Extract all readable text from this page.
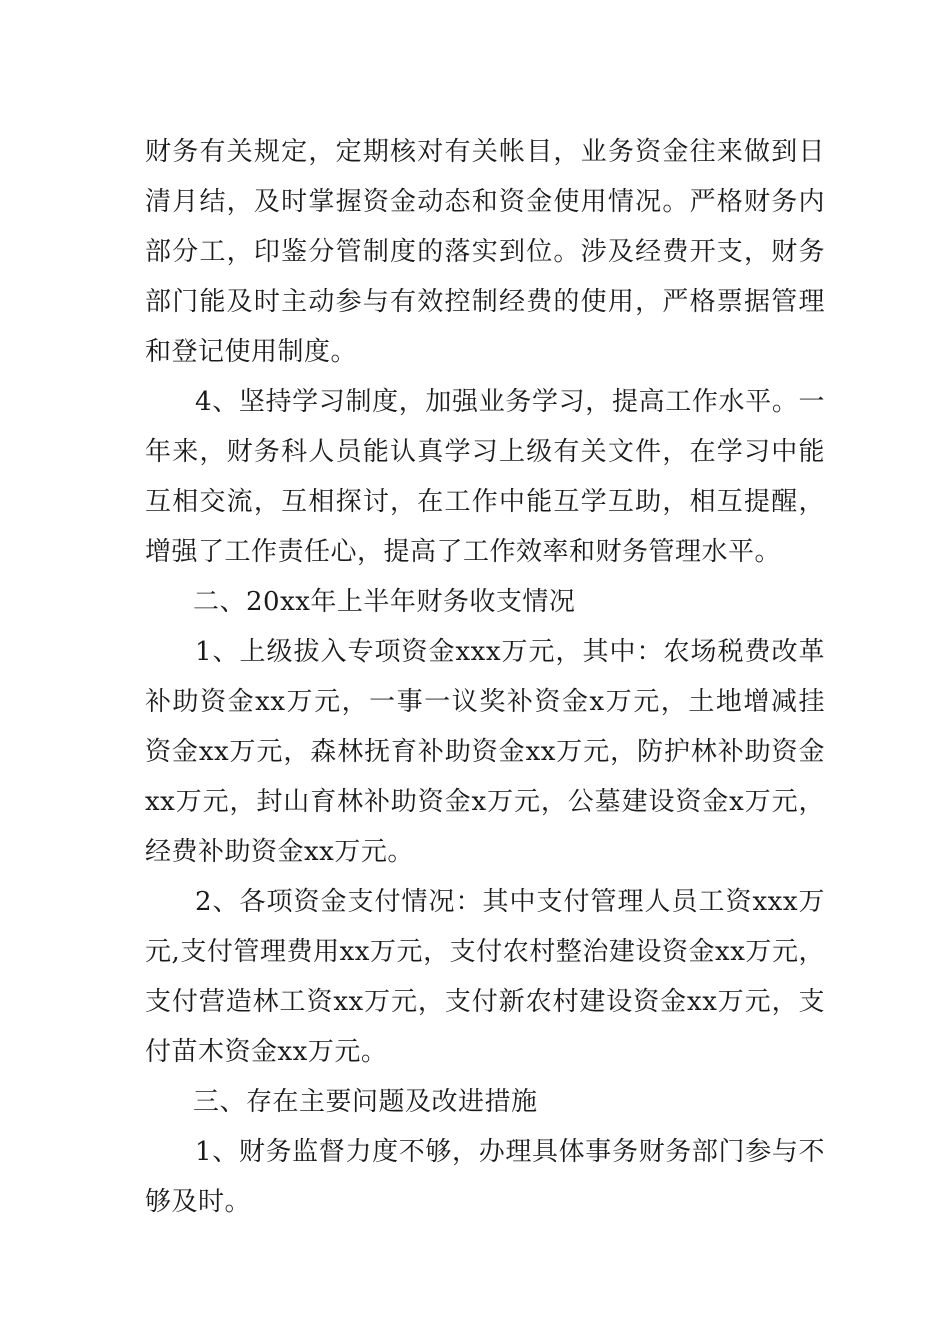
财务有关规定，定期核对有关帐目，业务资金往来做到日清月结，及时掌握资金动态和资金使用情况。严格财务内部分工，印鉴分管制度的落实到位。涉及经费开支，财务部门能及时主动参与有效控制经费的使用，严格票据管理和登记使用制度。

4、坚持学习制度，加强业务学习，提高工作水平。一年来，财务科人员能认真学习上级有关文件，在学习中能互相交流，互相探讨，在工作中能互学互助，相互提醒，增强了工作责任心，提高了工作效率和财务管理水平。

二、20xx年上半年财务收支情况

1、上级拔入专项资金xxx万元，其中：农场税费改革补助资金xx万元，一事一议奖补资金x万元，土地增减挂资金xx万元，森林抚育补助资金xx万元，防护林补助资金xx万元，封山育林补助资金x万元，公墓建设资金x万元，经费补助资金xx万元。

2、各项资金支付情况：其中支付管理人员工资xxx万元,支付管理费用xx万元，支付农村整治建设资金xx万元，支付营造林工资xx万元，支付新农村建设资金xx万元，支付苗木资金xx万元。

三、存在主要问题及改进措施

1、财务监督力度不够，办理具体事务财务部门参与不够及时。
